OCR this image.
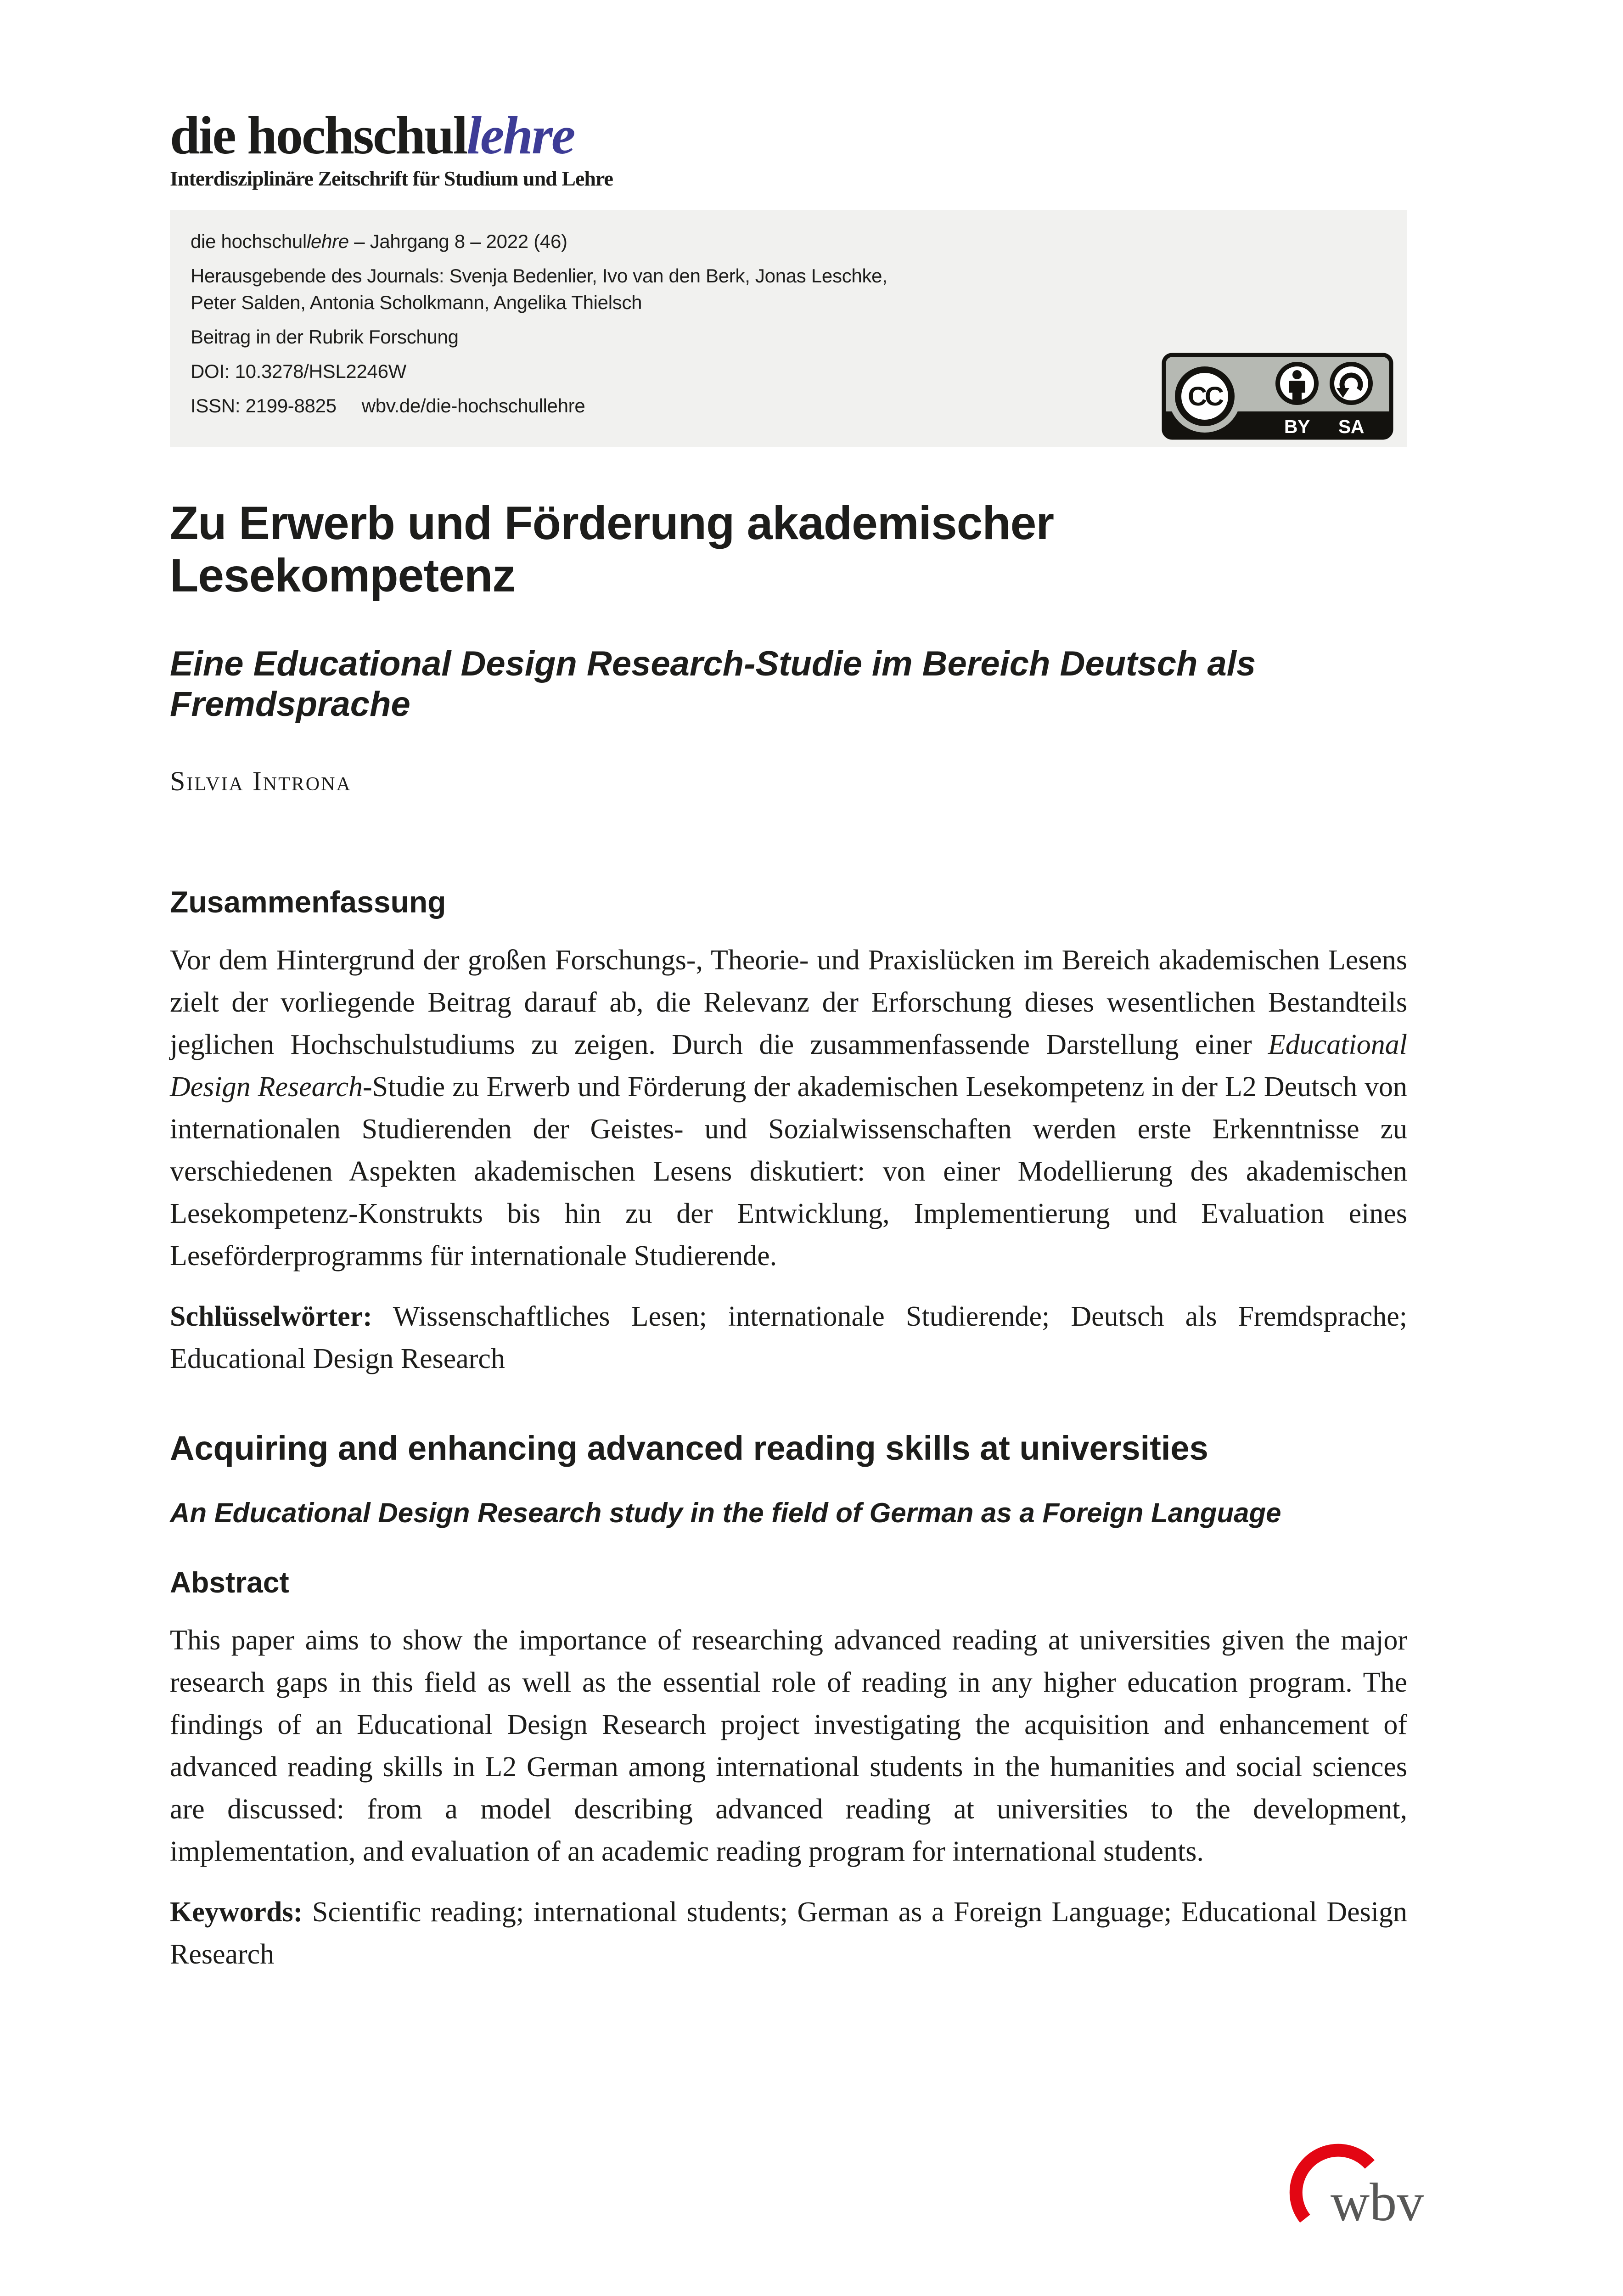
die hochschullehre
Interdisziplinäre Zeitschrift für Studium und Lehre

die hochschullehre – Jahrgang 8 – 2022 (46)

Herausgebende des Journals: Svenja Bedenlier, Ivo van den Berk, Jonas Leschke,
Peter Salden, Antonia Scholkmann, Angelika Thielsch

Beitrag in der Rubrik Forschung

DOI: 10.3278/HSL2246W

ISSN: 2199-8825 wbv.de/die-hochschullehre	CC
BY SA
Zu Erwerb und Förderung akademischer Lesekompetenz
Eine Educational Design Research-Studie im Bereich Deutsch als Fremdsprache
Silvia Introna
Zusammenfassung

Vor dem Hintergrund der großen Forschungs-, Theorie- und Praxislücken im Bereich akademischen Lesens zielt der vorliegende Beitrag darauf ab, die Relevanz der Erforschung dieses wesentlichen Bestandteils jeglichen Hochschulstudiums zu zeigen. Durch die zusammenfassende Darstellung einer Educational Design Research-Studie zu Erwerb und Förderung der akademischen Lesekompetenz in der L2 Deutsch von internationalen Studierenden der Geistes- und Sozialwissenschaften werden erste Erkenntnisse zu verschiedenen Aspekten akademischen Lesens diskutiert: von einer Modellierung des akademischen Lesekompetenz-Konstrukts bis hin zu der Entwicklung, Implementierung und Evaluation eines Leseförderprogramms für internationale Studierende.

Schlüsselwörter: Wissenschaftliches Lesen; internationale Studierende; Deutsch als Fremdsprache; Educational Design Research

Acquiring and enhancing advanced reading skills at universities
An Educational Design Research study in the field of German as a Foreign Language
Abstract

This paper aims to show the importance of researching advanced reading at universities given the major research gaps in this field as well as the essential role of reading in any higher education program. The findings of an Educational Design Research project investigating the acquisition and enhancement of advanced reading skills in L2 German among international students in the humanities and social sciences are discussed: from a model describing advanced reading at universities to the development, implementation, and evaluation of an academic reading program for international students.

Keywords: Scientific reading; international students; German as a Foreign Language; Educational Design Research

wbv
